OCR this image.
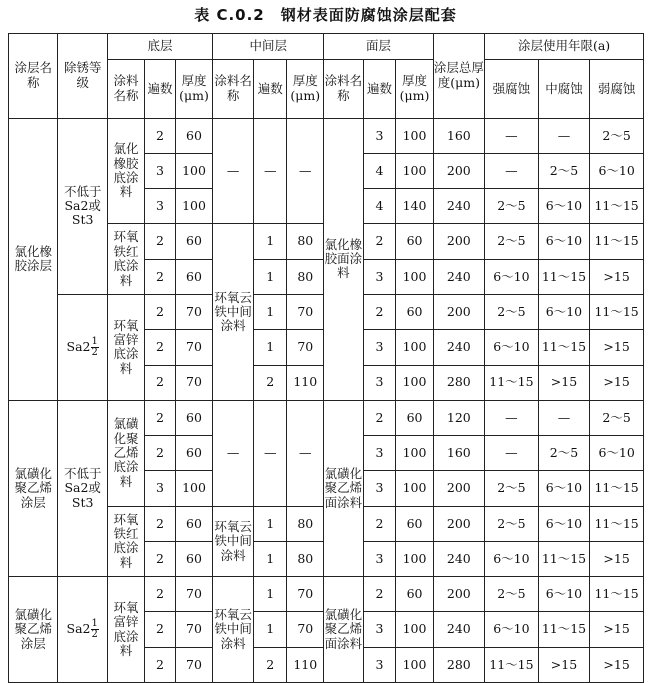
表 C.0.2　钢材表面防腐蚀涂层配套
涂层名称	除锈等级	底层			中间层			面层			涂层总厚度(μm)	涂层使用年限(a)		
		涂料名称	遍数	厚度(μm)	涂料名称	遍数	厚度(μm)	涂料名称	遍数	厚度(μm)		强腐蚀	中腐蚀	弱腐蚀
氯化橡胶涂层	不低于Sa2或St3	氯化橡胶底涂料	2	60	—	—	—	氯化橡胶面涂料	3	100	160	—	—	2～5
			3	100					4	100	200	—	2～5	6～10
			3	100					4	140	240	2～5	6～10	11～15
		环氧铁红底涂料	2	60	环氧云铁中间涂料	1	80		2	60	200	2～5	6～10	11～15
			2	60		1	80		3	100	240	6～10	11～15	>15
	$Sa2 \frac{1}{2}$	环氧富锌底涂料	2	70		1	70		2	60	200	2～5	6～10	11～15
			2	70		1	70		3	100	240	6～10	11～15	>15
			2	70		2	110		3	100	280	11～15	>15	>15
氯磺化聚乙烯涂层	不低于Sa2或St3	氯磺化聚乙烯底涂料	2	60	—	—	—	氯磺化聚乙烯面涂料	2	60	120	—	—	2～5
			2	60					3	100	160	—	2～5	6～10
			3	100					3	100	200	2～5	6～10	11～15
		环氧铁红底涂料	2	60	环氧云铁中间涂料	1	80		2	60	200	2～5	6～10	11～15
			2	60		1	80		3	100	240	6～10	11～15	>15
氯磺化聚乙烯涂层	$Sa2 \frac{1}{2}$	环氧富锌底涂料	2	70	环氧云铁中间涂料	1	70	氯磺化聚乙烯面涂料	2	60	200	2～5	6～10	11～15
			2	70		1	70		3	100	240	6～10	11～15	>15
			2	70		2	110		3	100	280	11～15	>15	>15
